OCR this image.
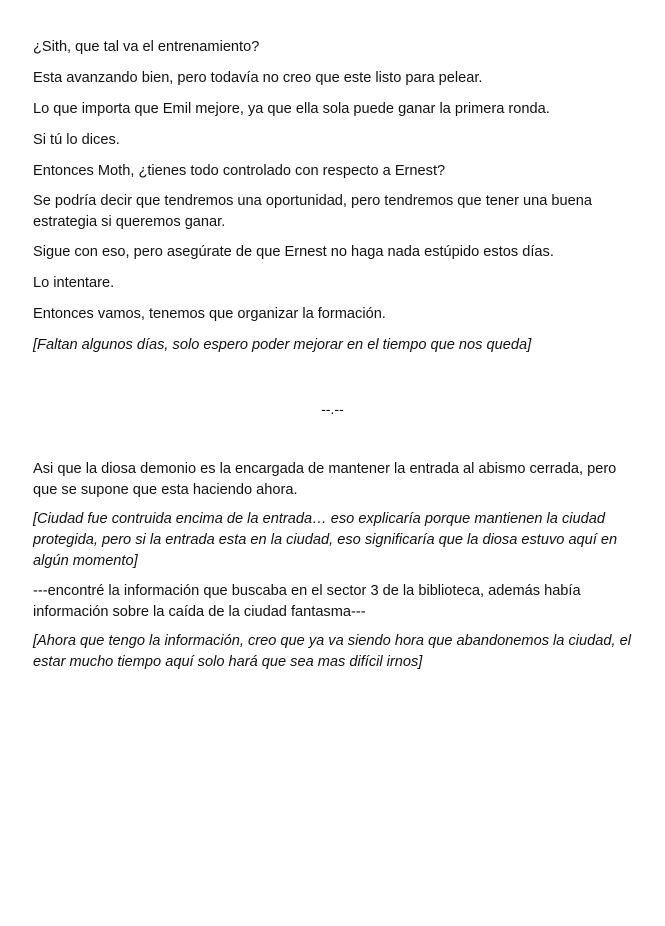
¿Sith, que tal va el entrenamiento?

Esta avanzando bien, pero todavía no creo que este listo para pelear.

Lo que importa que Emil mejore, ya que ella sola puede ganar la primera ronda.

Si tú lo dices.

Entonces Moth, ¿tienes todo controlado con respecto a Ernest?

Se podría decir que tendremos una oportunidad, pero tendremos que tener una buena estrategia si queremos ganar.

Sigue con eso, pero asegúrate de que Ernest no haga nada estúpido estos días.

Lo intentare.

Entonces vamos, tenemos que organizar la formación.

[Faltan algunos días, solo espero poder mejorar en el tiempo que nos queda]

--.--

Asi que la diosa demonio es la encargada de mantener la entrada al abismo cerrada, pero que se supone que esta haciendo ahora.

[Ciudad fue contruida encima de la entrada… eso explicaría porque mantienen la ciudad protegida, pero si la entrada esta en la ciudad, eso significaría que la diosa estuvo aquí en algún momento]

---encontré la información que buscaba en el sector 3 de la biblioteca, además había información sobre la caída de la ciudad fantasma---

[Ahora que tengo la información, creo que ya va siendo hora que abandonemos la ciudad, el estar mucho tiempo aquí solo hará que sea mas difícil irnos]
